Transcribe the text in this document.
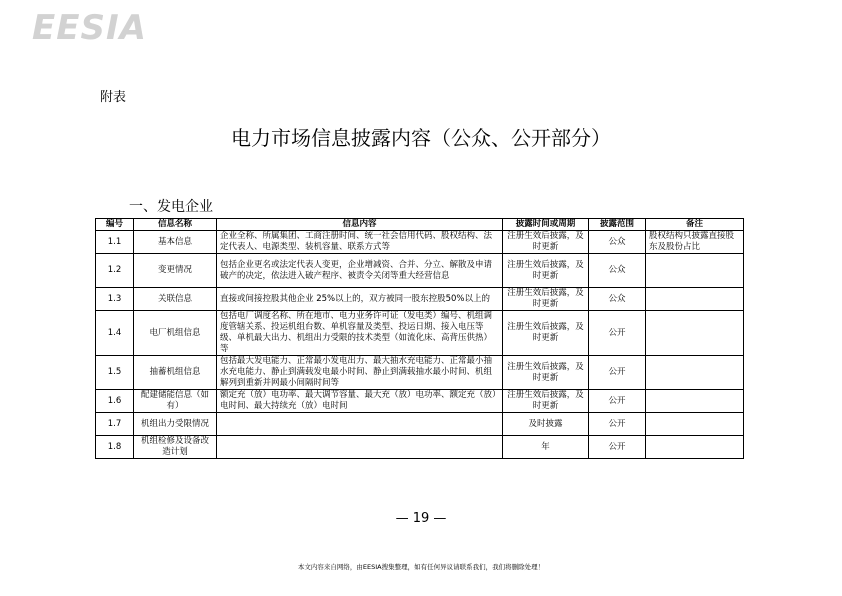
EESIA
附表
电力市场信息披露内容（公众、公开部分）
一、发电企业
编号	信息名称	信息内容	披露时间或周期	披露范围	备注
1.1	基本信息	企业全称、所属集团、工商注册时间、统一社会信用代码、股权结构、法定代表人、电源类型、装机容量、联系方式等	注册生效后披露，及时更新	公众	股权结构只披露直接股东及股份占比
1.2	变更情况	包括企业更名或法定代表人变更，企业增减资、合并、分立、解散及申请破产的决定，依法进入破产程序、被责令关闭等重大经营信息	注册生效后披露，及时更新	公众	
1.3	关联信息	直接或间接控股其他企业 25%以上的，双方被同一股东控股50%以上的	注册生效后披露，及时更新	公众	
1.4	电厂机组信息	包括电厂调度名称、所在地市、电力业务许可证（发电类）编号、机组调度管辖关系、投运机组台数、单机容量及类型、投运日期、接入电压等级、单机最大出力、机组出力受限的技术类型（如流化床、高背压供热）等	注册生效后披露，及时更新	公开	
1.5	抽蓄机组信息	包括最大发电能力、正常最小发电出力、最大抽水充电能力、正常最小抽水充电能力、静止到满载发电最小时间、静止到满载抽水最小时间、机组解列到重新并网最小间隔时间等	注册生效后披露，及时更新	公开	
1.6	配建储能信息（如有）	额定充（放）电功率、最大调节容量、最大充（放）电功率、额定充（放）电时间、最大持续充（放）电时间	注册生效后披露，及时更新	公开	
1.7	机组出力受限情况		及时披露	公开	
1.8	机组检修及设备改造计划		年	公开	
— 19 —
本文内容来自网络，由EESIA搜集整理，如有任何异议请联系我们，我们将删除处理！
